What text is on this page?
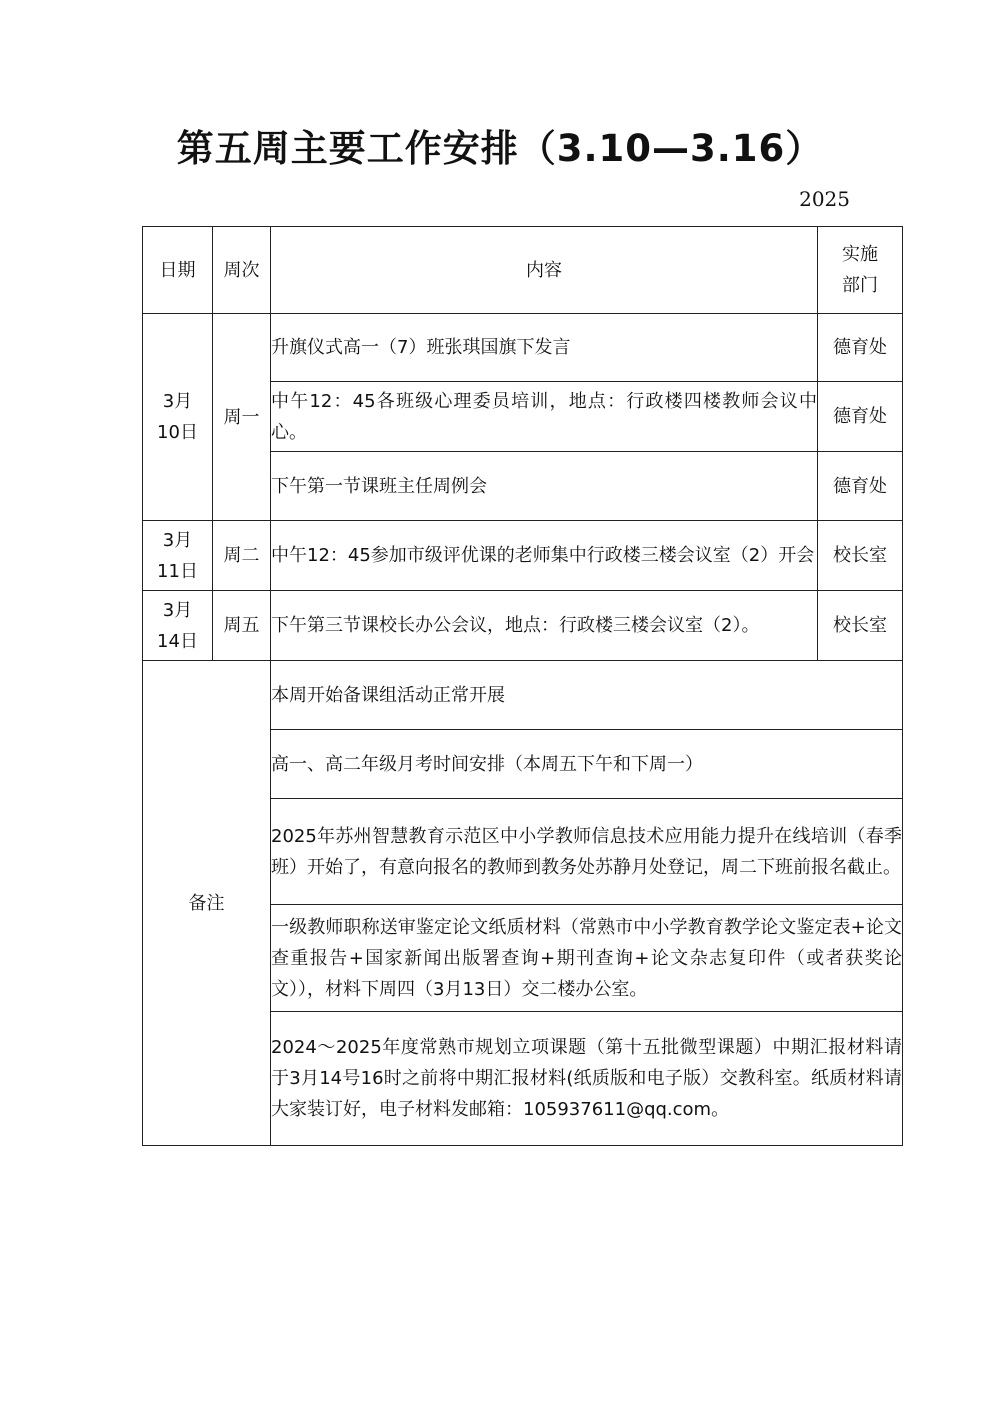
第五周主要工作安排（3.10—3.16）
2025
日期	周次	内容	实施
部门

3月
10日	周一	升旗仪式高一（7）班张琪国旗下发言	德育处
		中午12：45各班级心理委员培训，地点：行政楼四楼教师会议中心。	德育处
		下午第一节课班主任周例会	德育处

3月
11日	周二	中午12：45参加市级评优课的老师集中行政楼三楼会议室（2）开会	校长室

3月
14日	周五	下午第三节课校长办公会议，地点：行政楼三楼会议室（2）。	校长室
备注		本周开始备课组活动正常开展	
		高一、高二年级月考时间安排（本周五下午和下周一）	
		2025年苏州智慧教育示范区中小学教师信息技术应用能力提升在线培训（春季班）开始了，有意向报名的教师到教务处苏静月处登记，周二下班前报名截止。	
		一级教师职称送审鉴定论文纸质材料（常熟市中小学教育教学论文鉴定表+论文查重报告+国家新闻出版署查询+期刊查询+论文杂志复印件（或者获奖论文）），材料下周四（3月13日）交二楼办公室。	
		2024～2025年度常熟市规划立项课题（第十五批微型课题）中期汇报材料请于3月14号16时之前将中期汇报材料(纸质版和电子版）交教科室。纸质材料请大家装订好，电子材料发邮箱：105937611@qq.com。	
